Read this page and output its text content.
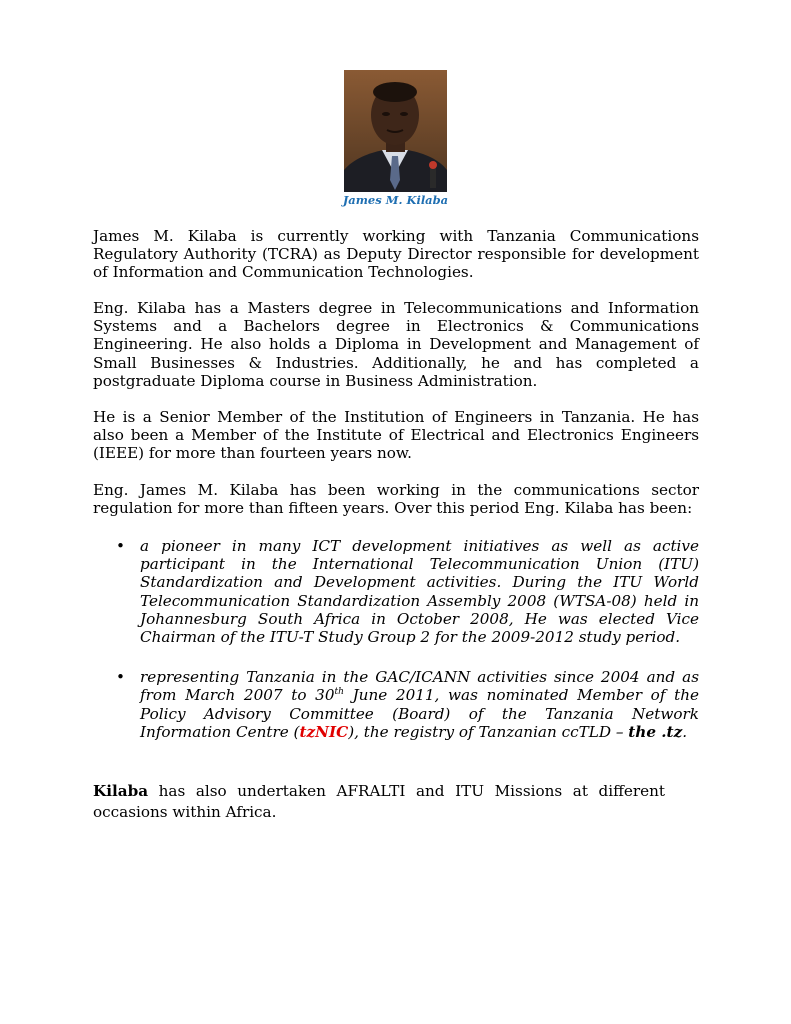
James M. Kilaba

James M. Kilaba is currently working with Tanzania Communications Regulatory Authority (TCRA) as Deputy Director responsible for development of Information and Communication Technologies.

Eng. Kilaba has a Masters degree in Telecommunications and Information Systems and a Bachelors degree in Electronics & Communications Engineering. He also holds a Diploma in Development and Management of Small Businesses & Industries. Additionally, he and has completed a postgraduate Diploma course in Business Administration.

He is a Senior Member of the Institution of Engineers in Tanzania. He has also been a Member of the Institute of Electrical and Electronics Engineers (IEEE) for more than fourteen years now.

Eng. James M. Kilaba has been working in the communications sector regulation for more than fifteen years. Over this period Eng. Kilaba has been:

• a pioneer in many ICT development initiatives as well as active participant in the International Telecommunication Union (ITU) Standardization and Development activities. During the ITU World Telecommunication Standardization Assembly 2008 (WTSA-08) held in Johannesburg South Africa in October 2008, He was elected Vice Chairman of the ITU-T Study Group 2 for the 2009-2012 study period.
• representing Tanzania in the GAC/ICANN activities since 2004 and as from March 2007 to 30th June 2011, was nominated Member of the Policy Advisory Committee (Board) of the Tanzania Network Information Centre (tzNIC), the registry of Tanzanian ccTLD – the .tz.

Kilaba has also undertaken AFRALTI and ITU Missions at different occasions within Africa.
